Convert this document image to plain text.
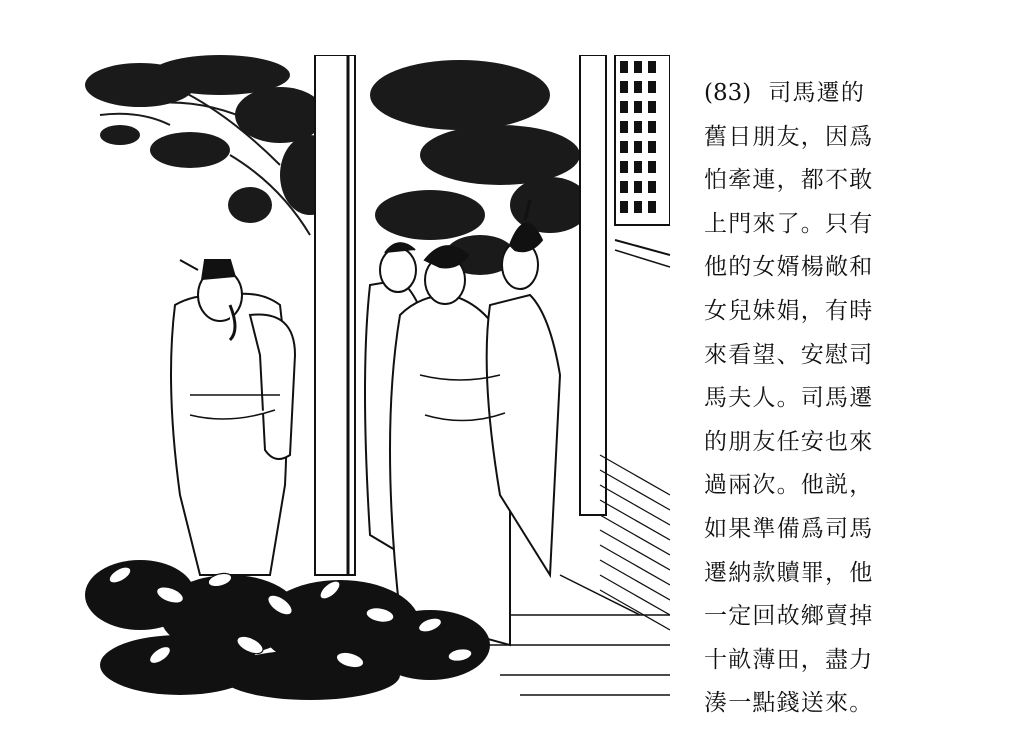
(83) 司馬遷的
舊日朋友，因爲
怕牽連，都不敢
上門來了。只有
他的女婿楊敞和
女兒妹娟，有時
來看望、安慰司
馬夫人。司馬遷
的朋友任安也來
過兩次。他説，
如果準備爲司馬
遷納款贖罪，他
一定回故鄉賣掉
十畝薄田，盡力
湊一點錢送來。
